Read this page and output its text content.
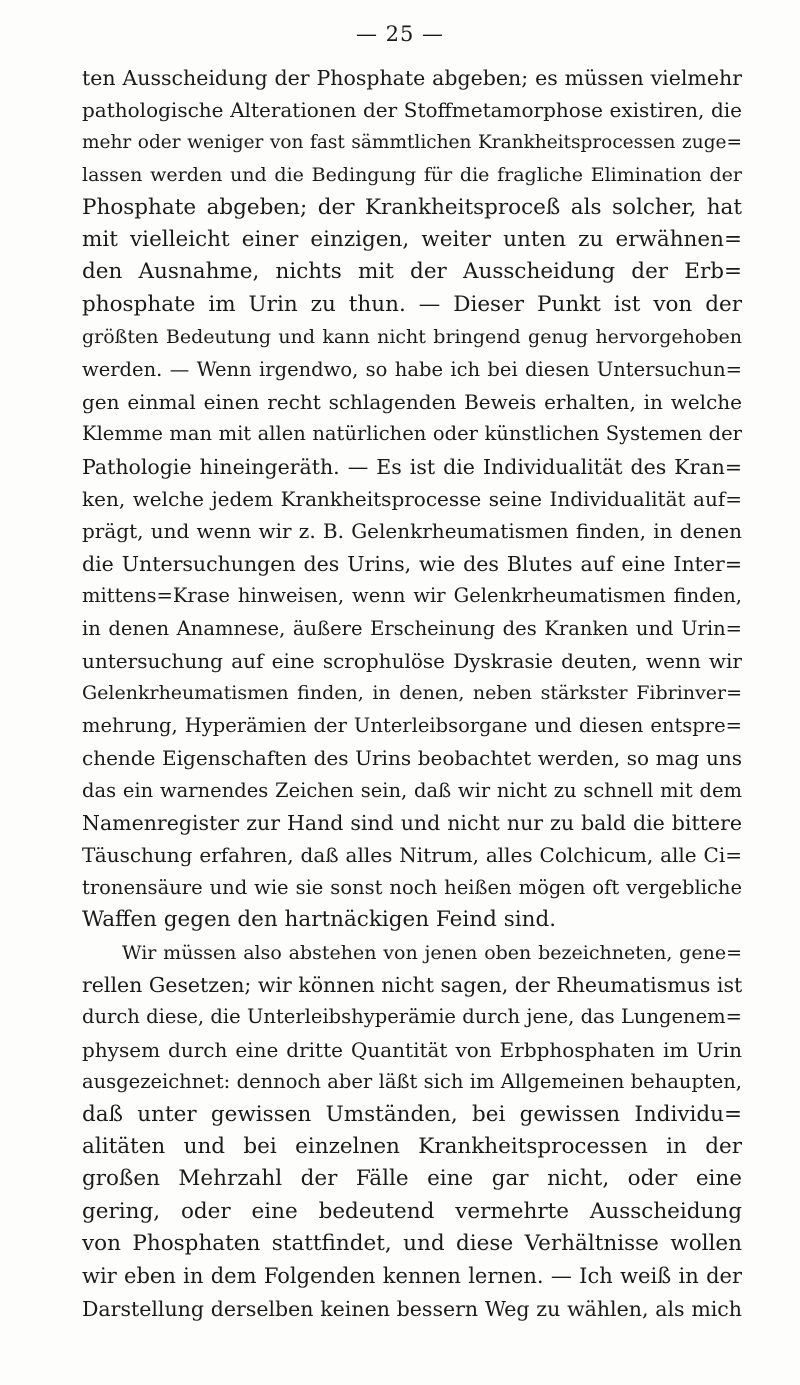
— 25 —
ten Ausscheidung der Phosphate abgeben; es müssen vielmehr
pathologische Alterationen der Stoffmetamorphose existiren, die
mehr oder weniger von fast sämmtlichen Krankheitsprocessen zuge=
lassen werden und die Bedingung für die fragliche Elimination der
Phosphate abgeben; der Krankheitsproceß als solcher, hat
mit vielleicht einer einzigen, weiter unten zu erwähnen=
den Ausnahme, nichts mit der Ausscheidung der Erb=
phosphate im Urin zu thun. — Dieser Punkt ist von der
größten Bedeutung und kann nicht bringend genug hervorgehoben
werden. — Wenn irgendwo, so habe ich bei diesen Untersuchun=
gen einmal einen recht schlagenden Beweis erhalten, in welche
Klemme man mit allen natürlichen oder künstlichen Systemen der
Pathologie hineingeräth. — Es ist die Individualität des Kran=
ken, welche jedem Krankheitsprocesse seine Individualität auf=
prägt, und wenn wir z. B. Gelenkrheumatismen finden, in denen
die Untersuchungen des Urins, wie des Blutes auf eine Inter=
mittens=Krase hinweisen, wenn wir Gelenkrheumatismen finden,
in denen Anamnese, äußere Erscheinung des Kranken und Urin=
untersuchung auf eine scrophulöse Dyskrasie deuten, wenn wir
Gelenkrheumatismen finden, in denen, neben stärkster Fibrinver=
mehrung, Hyperämien der Unterleibsorgane und diesen entspre=
chende Eigenschaften des Urins beobachtet werden, so mag uns
das ein warnendes Zeichen sein, daß wir nicht zu schnell mit dem
Namenregister zur Hand sind und nicht nur zu bald die bittere
Täuschung erfahren, daß alles Nitrum, alles Colchicum, alle Ci=
tronensäure und wie sie sonst noch heißen mögen oft vergebliche
Waffen gegen den hartnäckigen Feind sind.
Wir müssen also abstehen von jenen oben bezeichneten, gene=
rellen Gesetzen; wir können nicht sagen, der Rheumatismus ist
durch diese, die Unterleibshyperämie durch jene, das Lungenem=
physem durch eine dritte Quantität von Erbphosphaten im Urin
ausgezeichnet: dennoch aber läßt sich im Allgemeinen behaupten,
daß unter gewissen Umständen, bei gewissen Individu=
alitäten und bei einzelnen Krankheitsprocessen in der
großen Mehrzahl der Fälle eine gar nicht, oder eine
gering, oder eine bedeutend vermehrte Ausscheidung
von Phosphaten stattfindet, und diese Verhältnisse wollen
wir eben in dem Folgenden kennen lernen. — Ich weiß in der
Darstellung derselben keinen bessern Weg zu wählen, als mich
